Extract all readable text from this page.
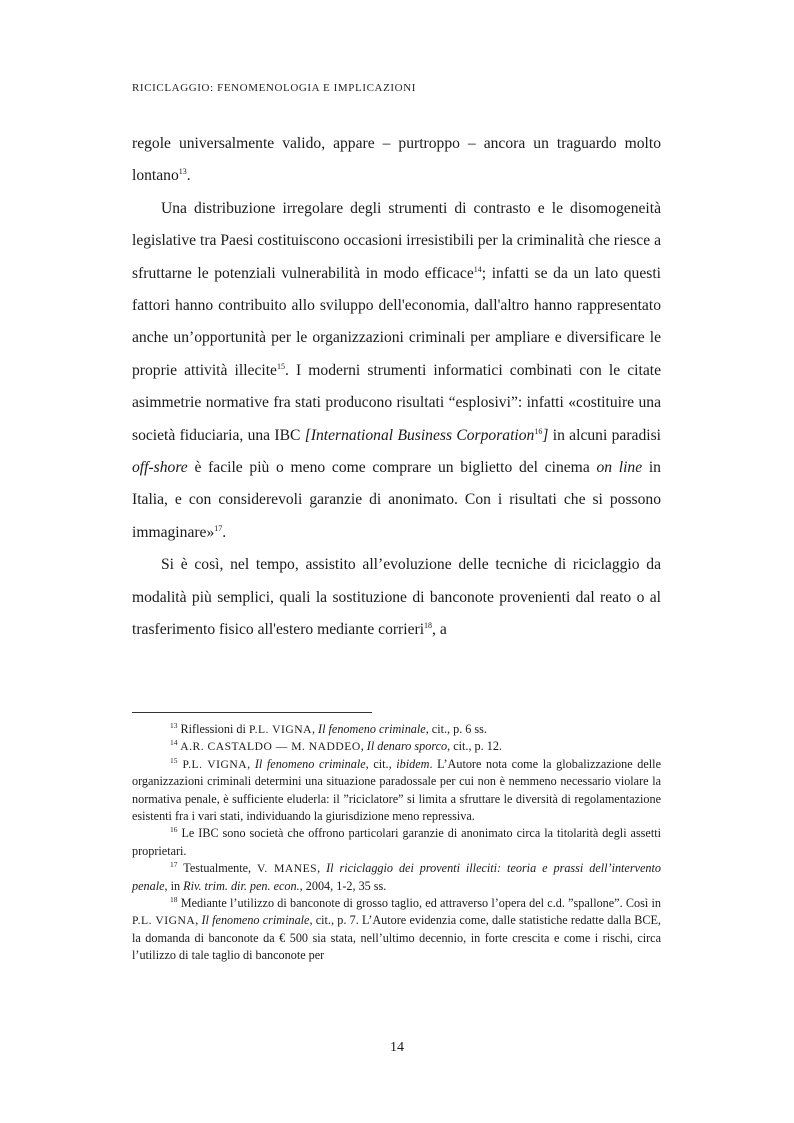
RICICLAGGIO: FENOMENOLOGIA E IMPLICAZIONI

regole universalmente valido, appare – purtroppo – ancora un traguardo molto lontano$^{13}$.

Una distribuzione irregolare degli strumenti di contrasto e le disomogeneità legislative tra Paesi costituiscono occasioni irresistibili per la criminalità che riesce a sfruttarne le potenziali vulnerabilità in modo efficace$^{14}$; infatti se da un lato questi fattori hanno contribuito allo sviluppo dell'economia, dall'altro hanno rappresentato anche un’opportunità per le organizzazioni criminali per ampliare e diversificare le proprie attività illecite$^{15}$. I moderni strumenti informatici combinati con le citate asimmetrie normative fra stati producono risultati “esplosivi”: infatti «costituire una società fiduciaria, una IBC [International Business Corporation$^{16}$] in alcuni paradisi off-shore è facile più o meno come comprare un biglietto del cinema on line in Italia, e con considerevoli garanzie di anonimato. Con i risultati che si possono immaginare»$^{17}$.

Si è così, nel tempo, assistito all’evoluzione delle tecniche di riciclaggio da modalità più semplici, quali la sostituzione di banconote provenienti dal reato o al trasferimento fisico all'estero mediante corrieri$^{18}$, a

$^{13}$ Riflessioni di P.L. VIGNA, Il fenomeno criminale, cit., p. 6 ss.

$^{14}$ A.R. CASTALDO — M. NADDEO, Il denaro sporco, cit., p. 12.

$^{15}$ P.L. VIGNA, Il fenomeno criminale, cit., ibidem. L’Autore nota come la globalizzazione delle organizzazioni criminali determini una situazione paradossale per cui non è nemmeno necessario violare la normativa penale, è sufficiente eluderla: il ”riciclatore” si limita a sfruttare le diversità di regolamentazione esistenti fra i vari stati, individuando la giurisdizione meno repressiva.

$^{16}$ Le IBC sono società che offrono particolari garanzie di anonimato circa la titolarità degli assetti proprietari.

$^{17}$ Testualmente, V. MANES, Il riciclaggio dei proventi illeciti: teoria e prassi dell’intervento penale, in Riv. trim. dir. pen. econ., 2004, 1-2, 35 ss.

$^{18}$ Mediante l’utilizzo di banconote di grosso taglio, ed attraverso l’opera del c.d. ”spallone”. Così in P.L. VIGNA, Il fenomeno criminale, cit., p. 7. L’Autore evidenzia come, dalle statistiche redatte dalla BCE, la domanda di banconote da € 500 sia stata, nell’ultimo decennio, in forte crescita e come i rischi, circa l’utilizzo di tale taglio di banconote per

14
